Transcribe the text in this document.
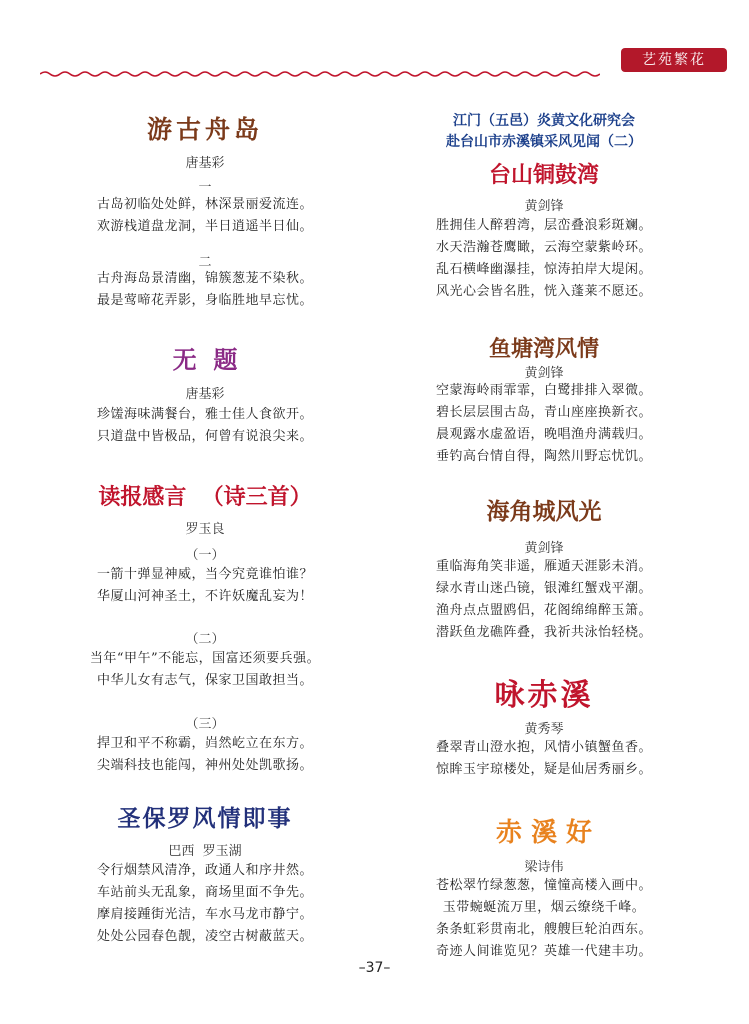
艺苑繁花
游古舟岛
唐基彩
一
古岛初临处处鲜，林深景丽爱流连。
欢游栈道盘龙洞，半日逍遥半日仙。
二
古舟海岛景清幽，锦簇葱茏不染秋。
最是莺啼花弄影，身临胜地早忘忧。
无  题
唐基彩
珍馐海味满餐台，雅士佳人食欲开。
只道盘中皆极品，何曾有说浪尖来。
读报感言  （诗三首）
罗玉良
（一）
一箭十弹显神威，当今究竟谁怕谁？
华厦山河神圣土，不许妖魔乱妄为！
（二）
当年“甲午”不能忘，国富还须要兵强。
中华儿女有志气，保家卫国敢担当。
（三）
捍卫和平不称霸，岿然屹立在东方。
尖端科技也能闯，神州处处凯歌扬。
圣保罗风情即事
巴西  罗玉湖
令行烟禁风清净，政通人和序井然。
车站前头无乱象，商场里面不争先。
摩肩接踵街光洁，车水马龙市静宁。
处处公园春色靓，凌空古树蔽蓝天。
江门（五邑）炎黄文化研究会
赴台山市赤溪镇采风见闻（二）
台山铜鼓湾
黄剑锋
胜拥佳人醉碧湾，层峦叠浪彩斑斓。
水天浩瀚苍鹰瞰，云海空蒙紫岭环。
乱石横峰幽瀑挂，惊涛拍岸大堤闲。
风光心会皆名胜，恍入蓬莱不愿还。
鱼塘湾风情
黄剑锋
空蒙海岭雨霏霏，白鹭排排入翠微。
碧长层层围古岛，青山座座换新衣。
晨观露水虚盈语，晚唱渔舟满载归。
垂钓高台情自得，陶然川野忘忧饥。
海角城风光
黄剑锋
重临海角笑非遥，雁遁天涯影未消。
绿水青山迷凸镜，银滩红蟹戏平潮。
渔舟点点盟鸥侣，花阁绵绵醉玉箫。
潜跃鱼龙礁阵叠，我祈共泳怡轻桡。
咏赤溪
黄秀琴
叠翠青山澄水抱，风情小镇蟹鱼香。
惊眸玉宇琼楼处，疑是仙居秀丽乡。
赤 溪 好
梁诗伟
苍松翠竹绿葱葱，憧憧高楼入画中。
玉带蜿蜒流万里，烟云缭绕千峰。
条条虹彩贯南北，艘艘巨轮泊西东。
奇迹人间谁览见？英雄一代建丰功。
–37–
